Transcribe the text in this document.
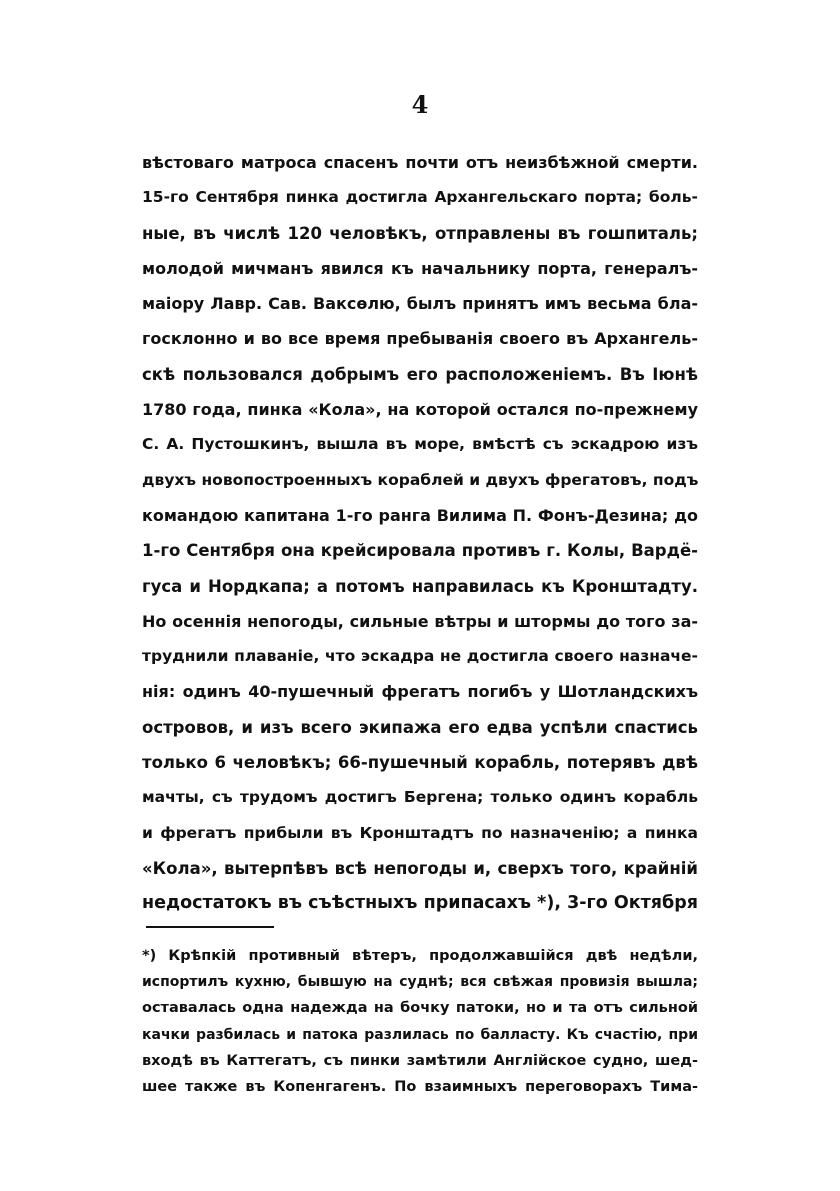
4
вѣстоваго матроса спасенъ почти отъ неизбѣжной смерти.
15-го Сентября пинка достигла Архангельскаго порта; боль-
ные, въ числѣ 120 человѣкъ, отправлены въ гошпиталь;
молодой мичманъ явился къ начальнику порта, генералъ-
маіору Лавр. Сав. Ваксѳлю, былъ принятъ имъ весьма бла-
госклонно и во все время пребыванія своего въ Архангель-
скѣ пользовался добрымъ его расположеніемъ. Въ Іюнѣ
1780 года, пинка «Кола», на которой остался по-прежнему
С. А. Пустошкинъ, вышла въ море, вмѣстѣ съ эскадрою изъ
двухъ новопостроенныхъ кораблей и двухъ фрегатовъ, подъ
командою капитана 1-го ранга Вилима П. Фонъ-Дезина; до
1-го Сентября она крейсировала противъ г. Колы, Вардё-
гуса и Нордкапа; а потомъ направилась къ Кронштадту.
Но осеннія непогоды, сильные вѣтры и штормы до того за-
труднили плаваніе, что эскадра не достигла своего назначе-
нія: одинъ 40-пушечный фрегатъ погибъ у Шотландскихъ
островов, и изъ всего экипажа его едва успѣли спастись
только 6 человѣкъ; 66-пушечный корабль, потерявъ двѣ
мачты, съ трудомъ достигъ Бергена; только одинъ корабль
и фрегатъ прибыли въ Кронштадтъ по назначенію; а пинка
«Кола», вытерпѣвъ всѣ непогоды и, сверхъ того, крайній
недостатокъ въ съѣстныхъ припасахъ *), 3-го Октября
*) Крѣпкій противный вѣтеръ, продолжавшійся двѣ недѣли,
испортилъ кухню, бывшую на суднѣ; вся свѣжая провизія вышла;
оставалась одна надежда на бочку патоки, но и та отъ сильной
качки разбилась и патока разлилась по балласту. Къ счастію, при
входѣ въ Каттегатъ, съ пинки замѣтили Англійское судно, шед-
шее также въ Копенгагенъ. По взаимныхъ переговорахъ Тима-
